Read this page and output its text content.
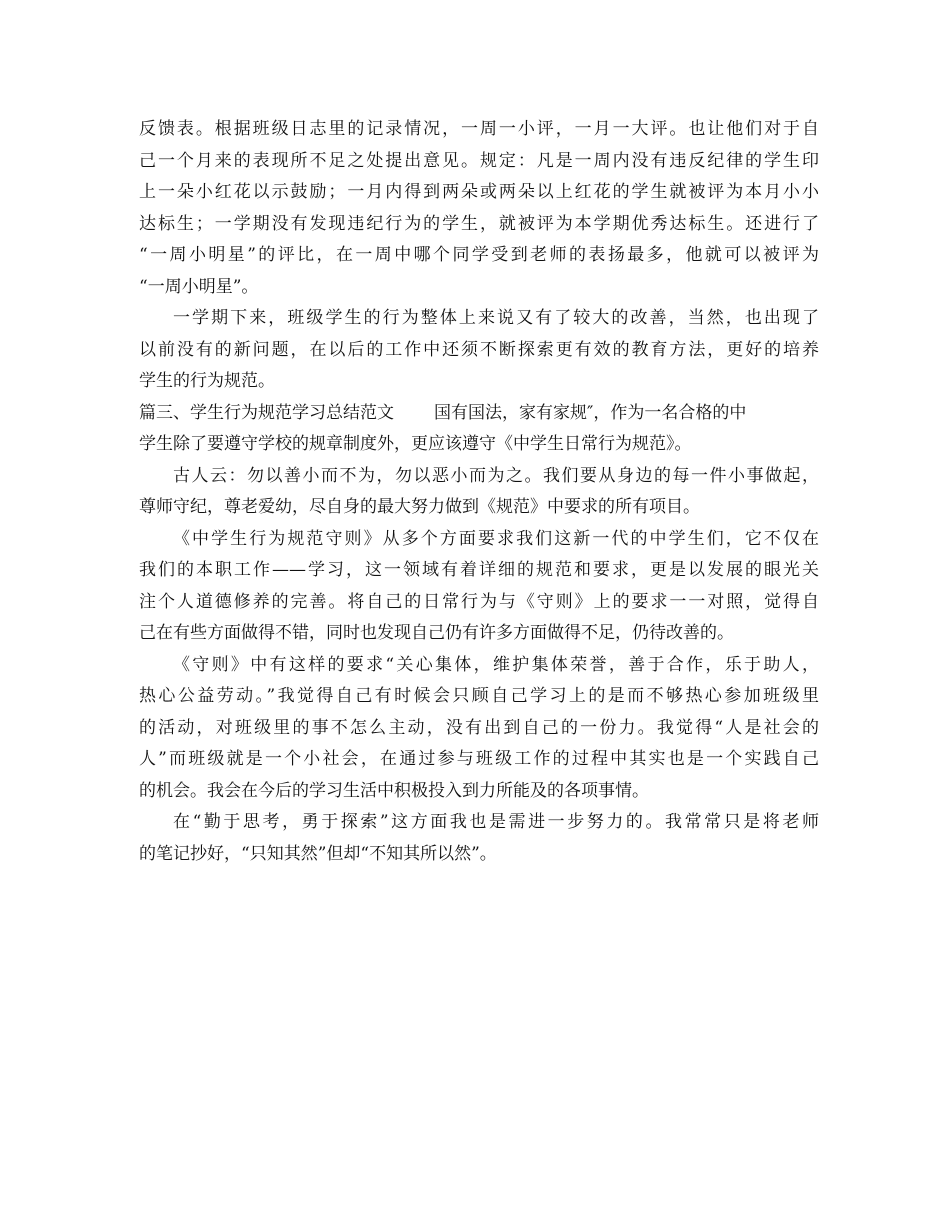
反馈表。根据班级日志里的记录情况，一周一小评，一月一大评。也让他们对于自
己一个月来的表现所不足之处提出意见。规定：凡是一周内没有违反纪律的学生印
上一朵小红花以示鼓励；一月内得到两朵或两朵以上红花的学生就被评为本月小小
达标生；一学期没有发现违纪行为的学生，就被评为本学期优秀达标生。还进行了
“一周小明星”的评比，在一周中哪个同学受到老师的表扬最多，他就可以被评为
“一周小明星”。
一学期下来，班级学生的行为整体上来说又有了较大的改善，当然，也出现了
以前没有的新问题，在以后的工作中还须不断探索更有效的教育方法，更好的培养
学生的行为规范。
篇三、学生行为规范学习总结范文 国有国法，家有家规″，作为一名合格的中
学生除了要遵守学校的规章制度外，更应该遵守《中学生日常行为规范》。
古人云：勿以善小而不为，勿以恶小而为之。我们要从身边的每一件小事做起，
尊师守纪，尊老爱幼，尽自身的最大努力做到《规范》中要求的所有项目。
《中学生行为规范守则》从多个方面要求我们这新一代的中学生们，它不仅在
我们的本职工作——学习，这一领域有着详细的规范和要求，更是以发展的眼光关
注个人道德修养的完善。将自己的日常行为与《守则》上的要求一一对照，觉得自
己在有些方面做得不错，同时也发现自己仍有许多方面做得不足，仍待改善的。
《守则》中有这样的要求“关心集体，维护集体荣誉，善于合作，乐于助人，
热心公益劳动。”我觉得自己有时候会只顾自己学习上的是而不够热心参加班级里
的活动，对班级里的事不怎么主动，没有出到自己的一份力。我觉得“人是社会的
人”而班级就是一个小社会，在通过参与班级工作的过程中其实也是一个实践自己
的机会。我会在今后的学习生活中积极投入到力所能及的各项事情。
在“勤于思考，勇于探索”这方面我也是需进一步努力的。我常常只是将老师
的笔记抄好，“只知其然”但却“不知其所以然”。
